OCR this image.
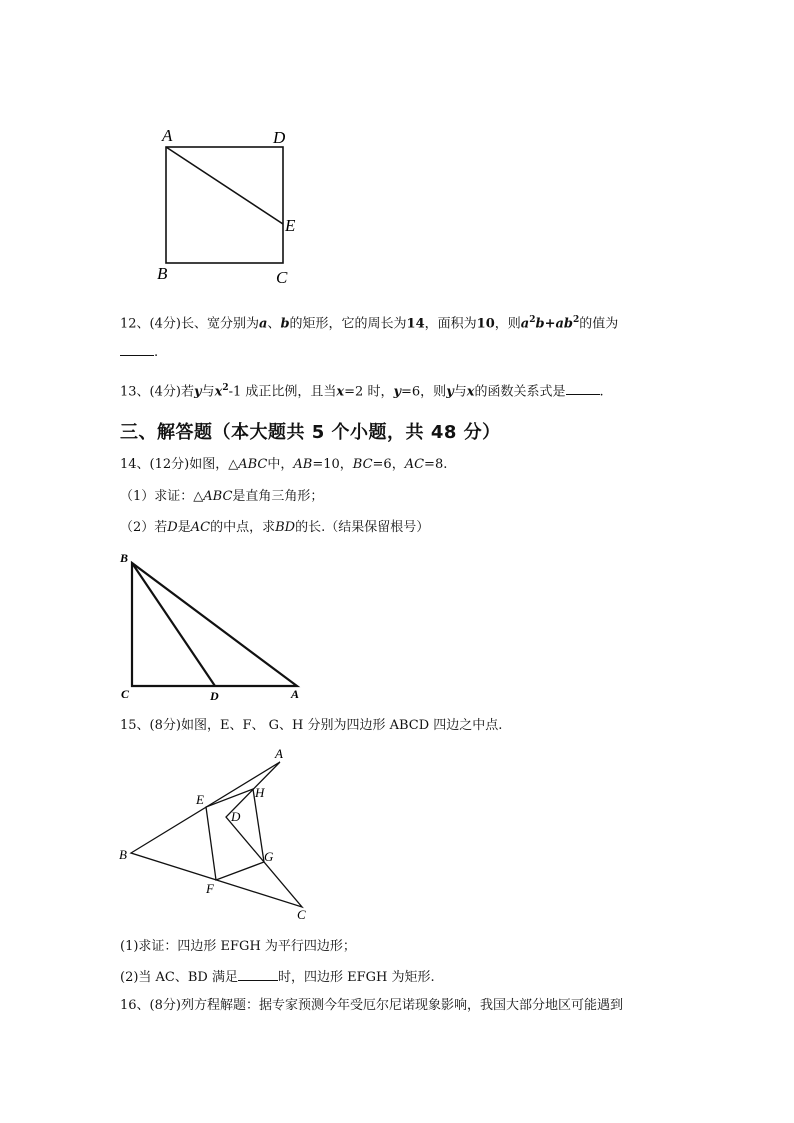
A	D
E
B	C
12、(4分)长、宽分别为a、b的矩形，它的周长为14，面积为10，则$a^2b+ab^2$的值为
.
13、(4分)若y与$x^2-1$ 成正比例，且当x=2 时，y=6，则y与x的函数关系式是	.
三、解答题（本大题共 5 个小题，共 48 分）
14、(12分)如图，△ABC中，AB=10，BC=6，AC=8.
（1）求证：△ABC是直角三角形；
（2）若D是AC的中点，求BD的长.（结果保留根号）
B
C	D	A
15、(8分)如图，E、F、 G、H 分别为四边形 ABCD 四边之中点.
A
E	H
D
B	G
F
C
(1)求证：四边形 EFGH 为平行四边形；
(2)当 AC、BD 满足	时，四边形 EFGH 为矩形.
16、(8分)列方程解题：据专家预测今年受厄尔尼诺现象影响，我国大部分地区可能遇到
